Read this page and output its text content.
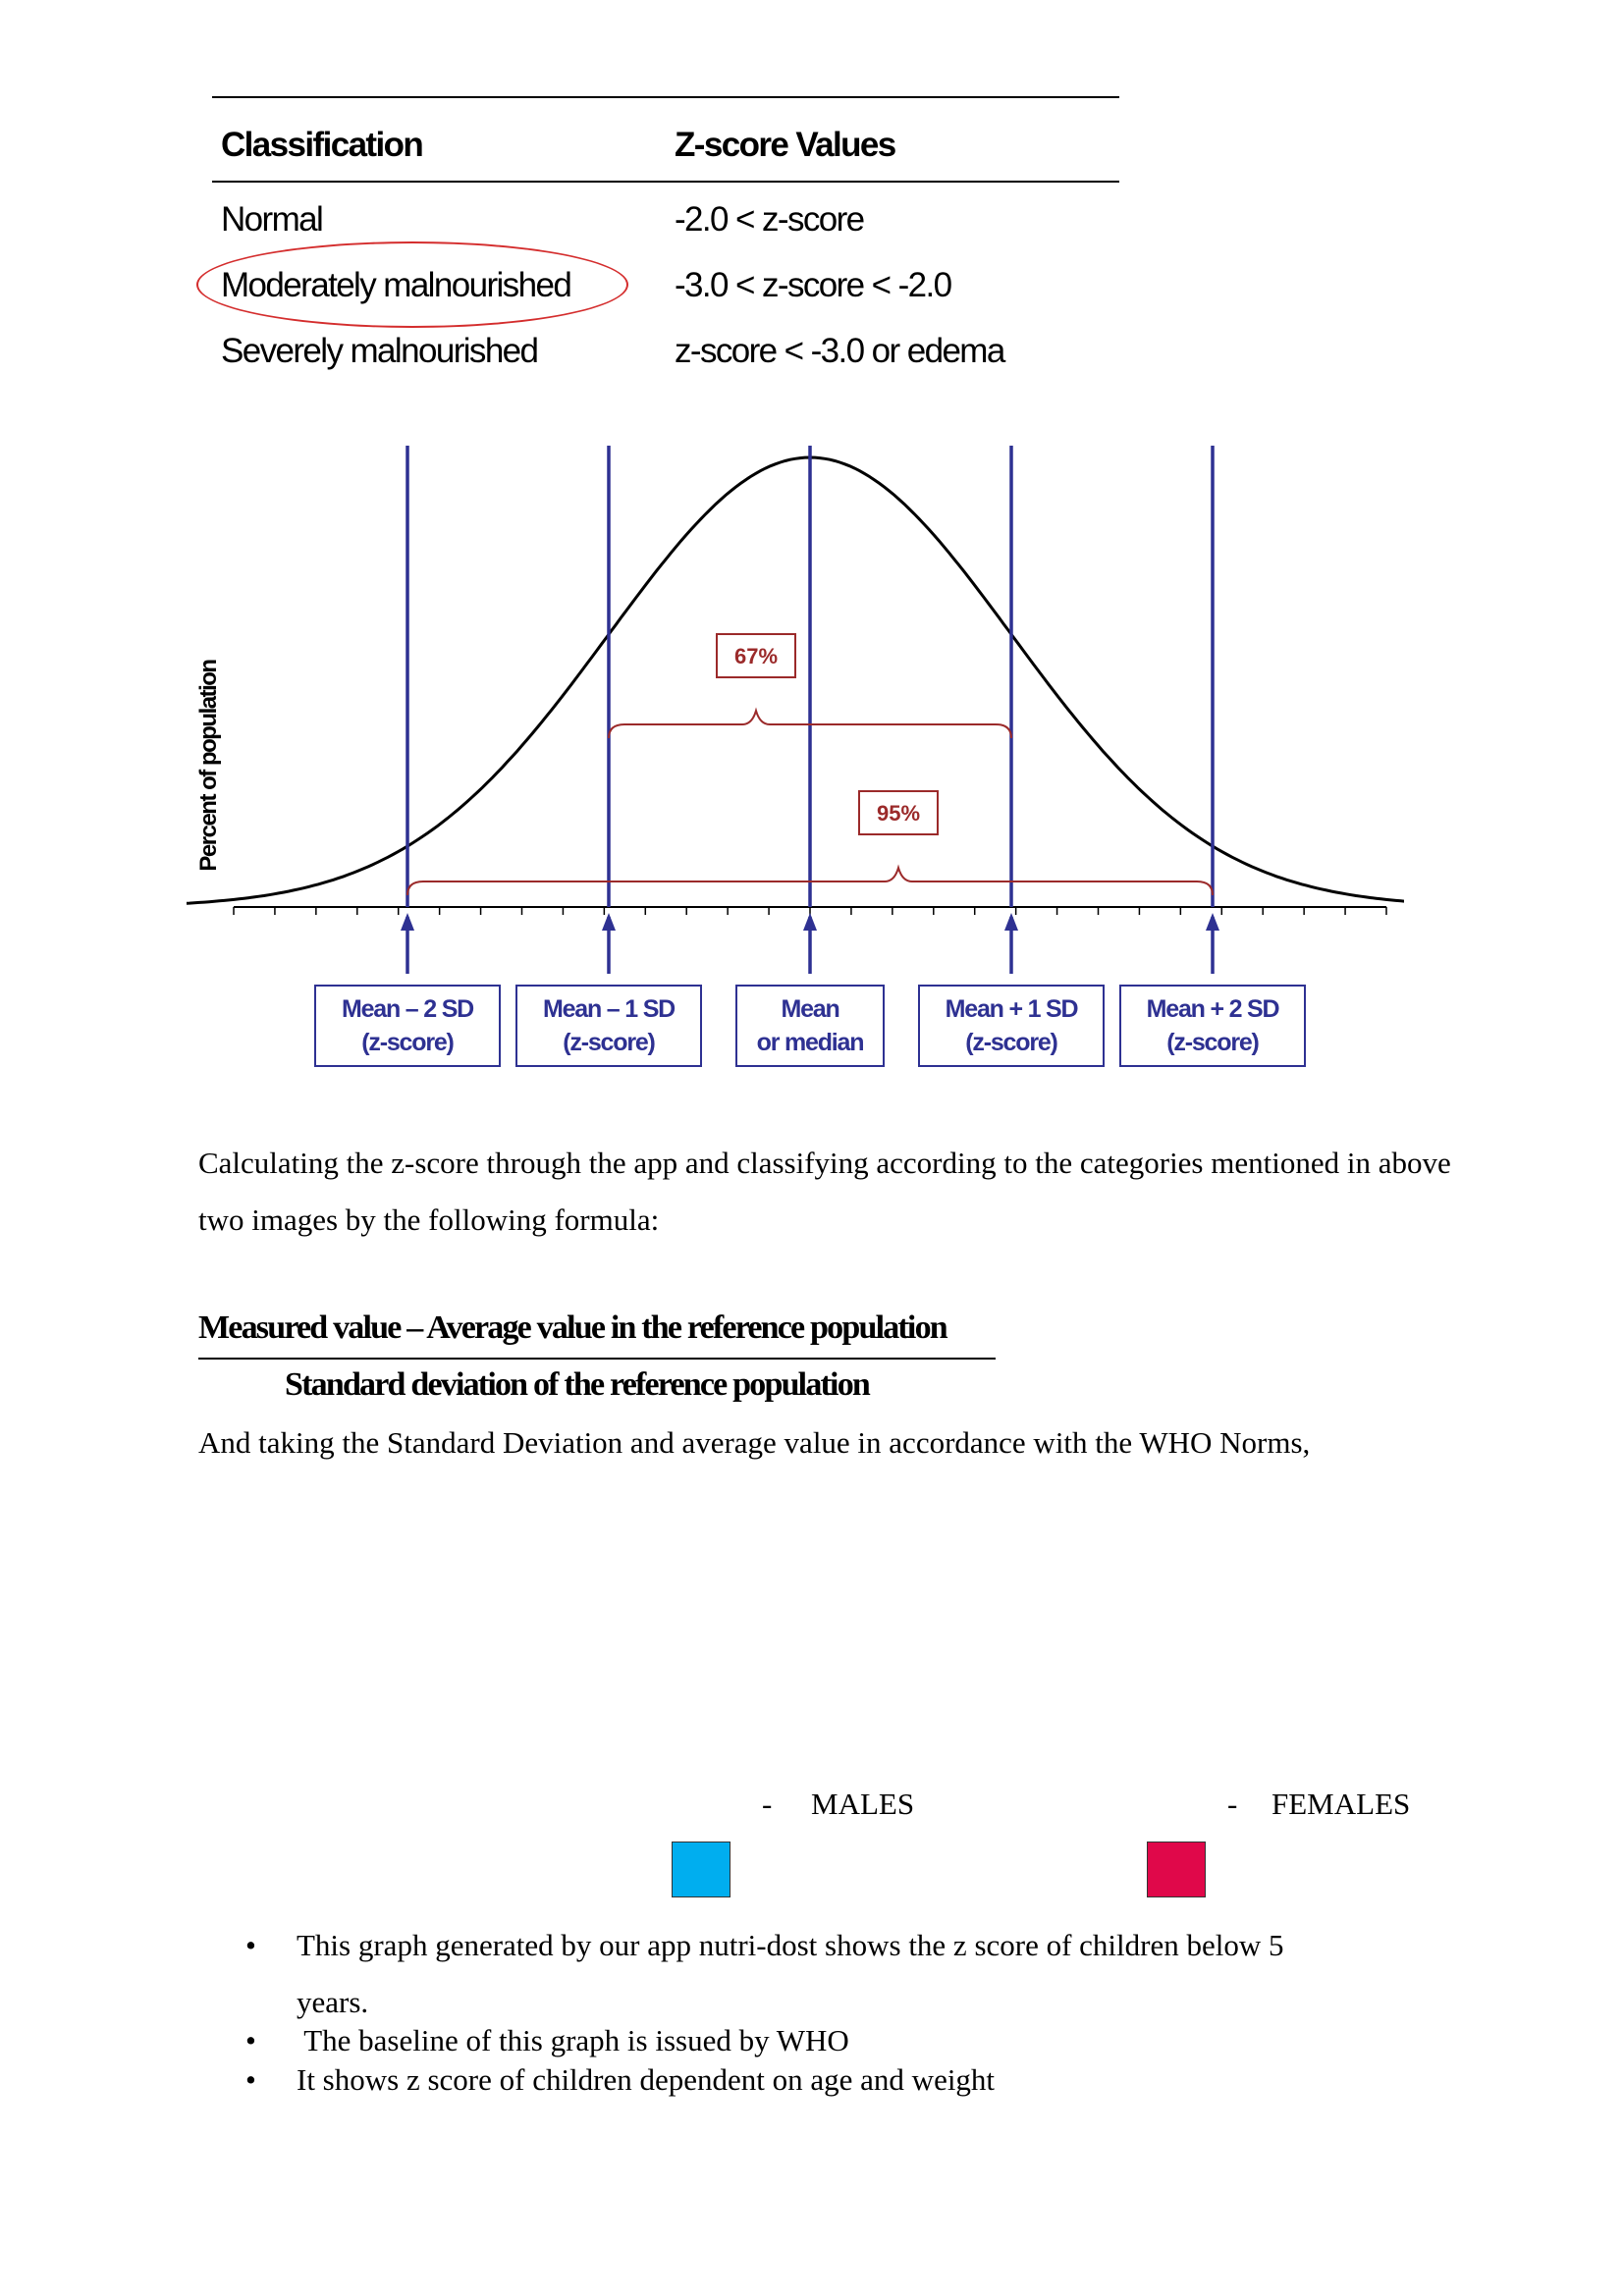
Classification	Z-score Values
Normal	-2.0 < z-score
Moderately malnourished	-3.0 < z-score < -2.0
Severely malnourished	z-score < -3.0 or edema
Percent of population
67%
95%
Mean – 2 SD
(z-score)
Mean – 1 SD
(z-score)
Mean
or median
Mean + 1 SD
(z-score)
Mean + 2 SD
(z-score)
Calculating the z-score through the app and classifying according to the categories mentioned in above two images by the following formula:
Measured value – Average value in the reference population
Standard deviation of the reference population
And taking the Standard Deviation and average value in accordance with the WHO Norms,
- MALES	- FEMALES
• This graph generated by our app nutri-dost shows the z score of children below 5
years.
• The baseline of this graph is issued by WHO
• It shows z score of children dependent on age and weight
